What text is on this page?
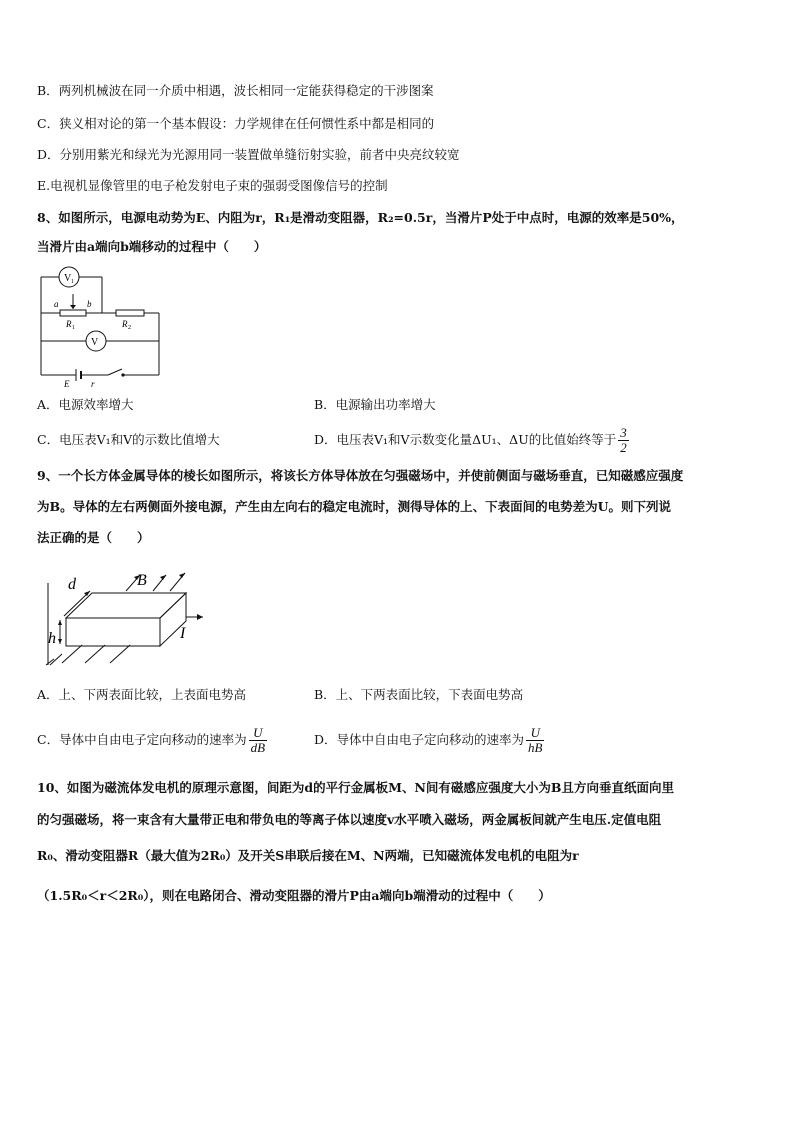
B．两列机械波在同一介质中相遇，波长相同一定能获得稳定的干涉图案
C．狭义相对论的第一个基本假设：力学规律在任何惯性系中都是相同的
D．分别用紫光和绿光为光源用同一装置做单缝衍射实验，前者中央亮纹较宽
E.电视机显像管里的电子枪发射电子束的强弱受图像信号的控制
8、如图所示，电源电动势为E、内阻为r，R₁是滑动变阻器，R₂=0.5r，当滑片P处于中点时，电源的效率是50%，
当滑片由a端向b端移动的过程中（　　）
V 1
V
a	b
R 1	R 2
E r
A．电源效率增大	B．电源输出功率增大
C．电压表V₁和V的示数比值增大	D．电压表V₁和V示数变化量ΔU₁、ΔU的比值始终等于 $\frac{3}{2}$
9、一个长方体金属导体的棱长如图所示，将该长方体导体放在匀强磁场中，并使前侧面与磁场垂直，已知磁感应强度
为B。导体的左右两侧面外接电源，产生由左向右的稳定电流时，测得导体的上、下表面间的电势差为U。则下列说
法正确的是（　　）
d	B
h	I
A．上、下两表面比较，上表面电势高	B．上、下两表面比较，下表面电势高
C．导体中自由电子定向移动的速率为 $\frac{U}{dB}$	D．导体中自由电子定向移动的速率为 $\frac{U}{hB}$
10、如图为磁流体发电机的原理示意图，间距为d的平行金属板M、N间有磁感应强度大小为B且方向垂直纸面向里
的匀强磁场，将一束含有大量带正电和带负电的等离子体以速度v水平喷入磁场，两金属板间就产生电压.定值电阻
R₀、滑动变阻器R（最大值为2R₀）及开关S串联后接在M、N两端，已知磁流体发电机的电阻为r
（1.5R₀＜r＜2R₀），则在电路闭合、滑动变阻器的滑片P由a端向b端滑动的过程中（　　）
